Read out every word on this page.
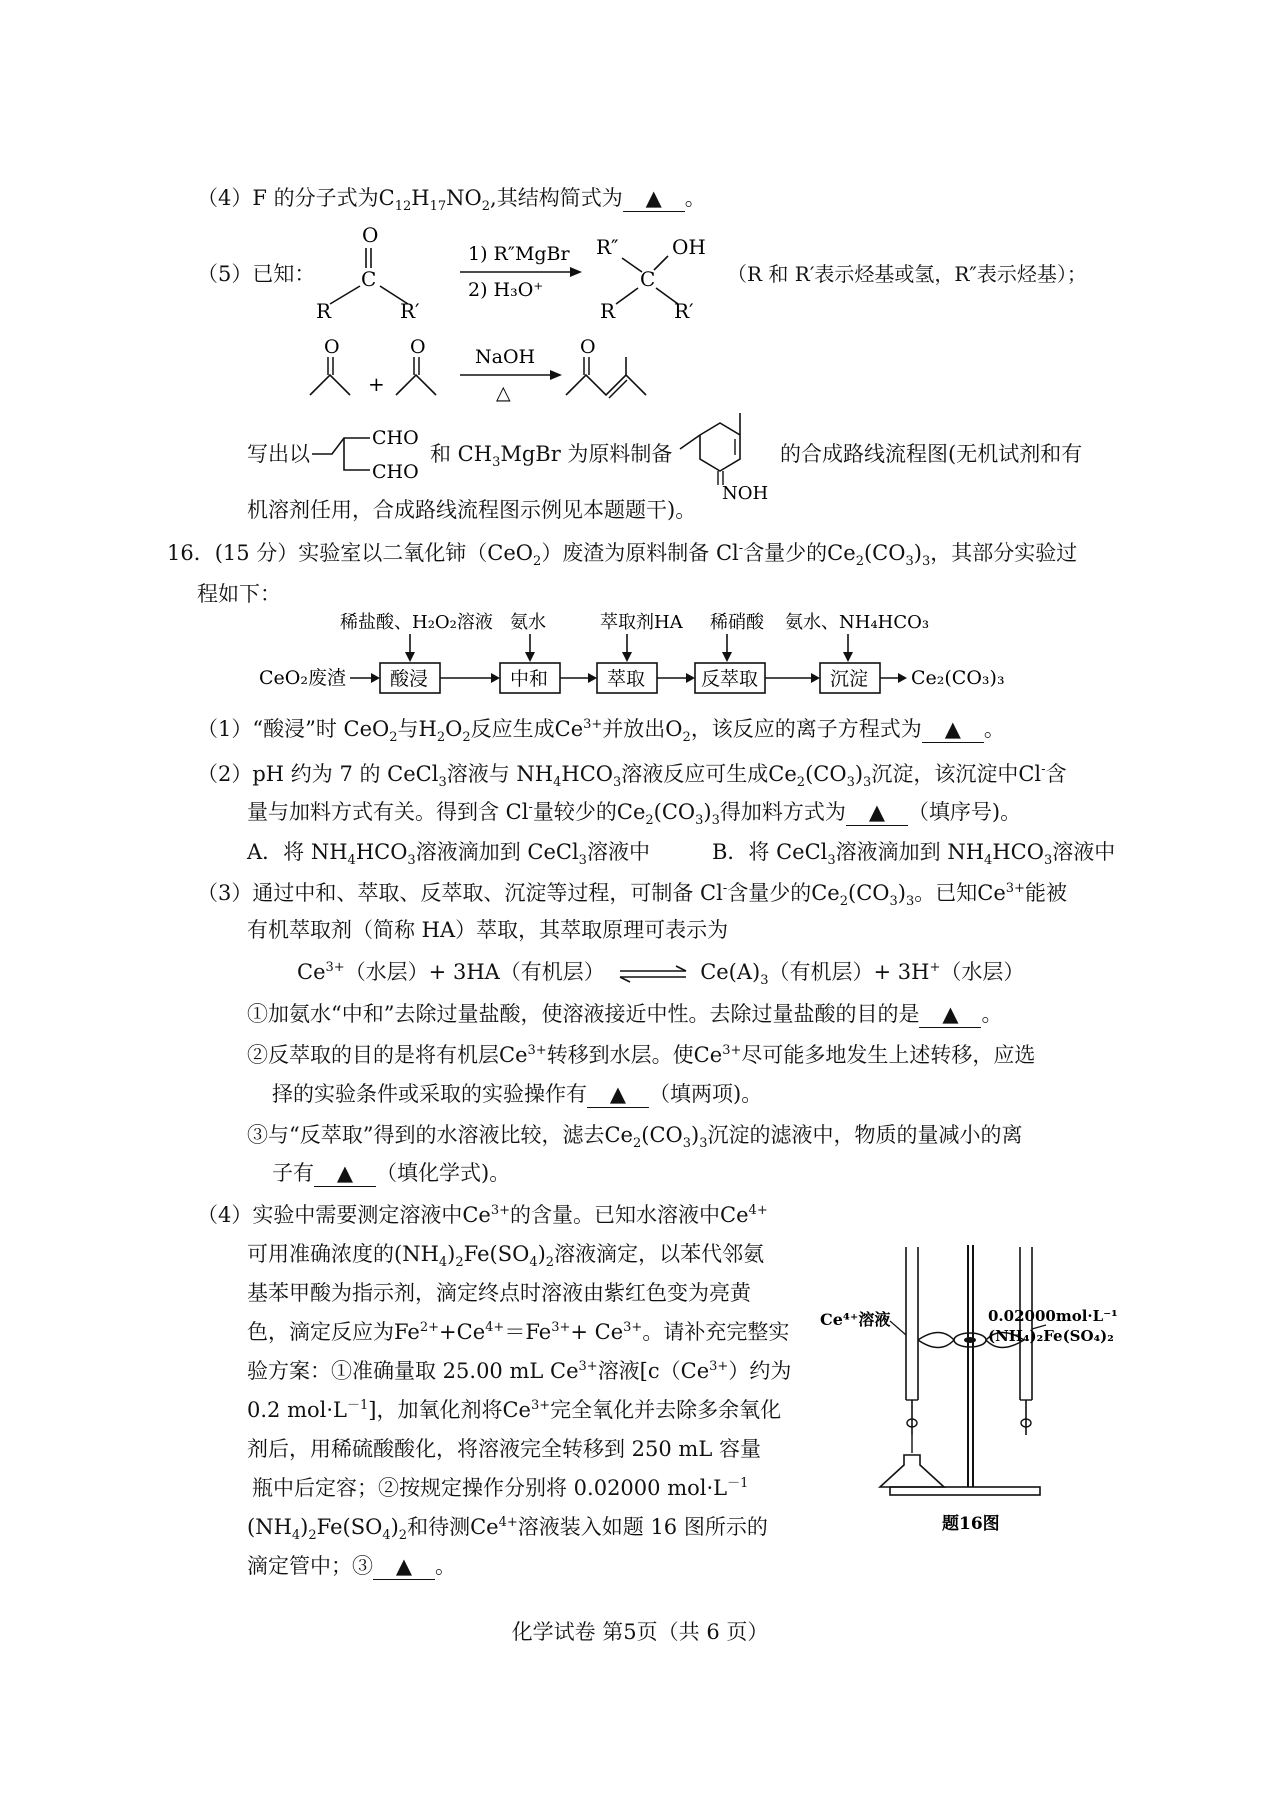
（4）F 的分子式为$C_{12}H_{17}NO_2$,其结构简式为 ▲ 。
（5）已知：
O
C
R	R′
1) R″MgBr
2) H₃O⁺
R″	OH
C
R	R′
（R 和 R′表示烃基或氢，R″表示烃基）；
O
+
O	NaOH
△
O
写出以
CHO
CHO
和 $CH_3MgBr$ 为原料制备
NOH
的合成路线流程图(无机试剂和有
机溶剂任用，合成路线流程图示例见本题题干)。
16．(15 分）实验室以二氧化铈（CeO$_2$）废渣为原料制备 Cl-含量少的$Ce_2(CO_3)_3$，其部分实验过
程如下：
稀盐酸、H₂O₂溶液 氨水	萃取剂HA 稀硝酸 氨水、NH₄HCO₃
CeO₂废渣 酸浸	中和	萃取	反萃取	沉淀 Ce₂(CO₃)₃
（1）“酸浸”时 CeO$_2$与$H_2O_2$反应生成$Ce^{3+}$并放出$O_2$，该反应的离子方程式为 ▲ 。
（2）pH 约为 7 的 CeCl$_3$溶液与 $NH_4HCO_3$溶液反应可生成$Ce_2(CO_3)_3$沉淀，该沉淀中Cl-含
量与加料方式有关。得到含 Cl-量较少的$Ce_2(CO_3)_3$得加料方式为 ▲ （填序号)。
A．将 $NH_4HCO_3$溶液滴加到 CeCl$_3$溶液中	B．将 CeCl$_3$溶液滴加到 $NH_4HCO_3$溶液中
（3）通过中和、萃取、反萃取、沉淀等过程，可制备 Cl-含量少的$Ce_2(CO_3)_3$。已知$Ce^{3+}$能被
有机萃取剂（简称 HA）萃取，其萃取原理可表示为
$Ce^{3+}$（水层）+ 3HA（有机层） ⇌ $Ce(A)_3$（有机层）+ 3H+（水层）
①加氨水“中和”去除过量盐酸，使溶液接近中性。去除过量盐酸的目的是 ▲ 。
②反萃取的目的是将有机层$Ce^{3+}$转移到水层。使$Ce^{3+}$尽可能多地发生上述转移，应选
择的实验条件或采取的实验操作有 ▲ （填两项)。
③与“反萃取”得到的水溶液比较，滤去$Ce_2(CO_3)_3$沉淀的滤液中，物质的量减小的离
子有 ▲ （填化学式)。
（4）实验中需要测定溶液中$Ce^{3+}$的含量。已知水溶液中$Ce^{4+}$
可用准确浓度的$(NH_4)_2Fe(SO_4)_2$溶液滴定，以苯代邻氨
基苯甲酸为指示剂，滴定终点时溶液由紫红色变为亮黄
色，滴定反应为$Fe^{2+}+Ce^{4+}=Fe^{3+}+ Ce^{3+}$。请补充完整实
验方案：①准确量取 25.00 mL $Ce^{3+}$溶液[$c(Ce^{3+})$约为
0.2 $mol\cdot L^{-1}$]，加氧化剂将$Ce^{3+}$完全氧化并去除多余氧化
剂后，用稀硫酸酸化，将溶液完全转移到 250 mL 容量
瓶中后定容；②按规定操作分别将 0.02000 $mol\cdot L^{-1}$
$(NH_4)_2Fe(SO_4)_2$和待测$Ce^{4+}$溶液装入如题 16 图所示的
滴定管中；③ ▲ 。
Ce⁴⁺溶液	0.02000mol·L⁻¹
(NH₄)₂Fe(SO₄)₂
题16图
化学试卷 第5页（共 6 页）
